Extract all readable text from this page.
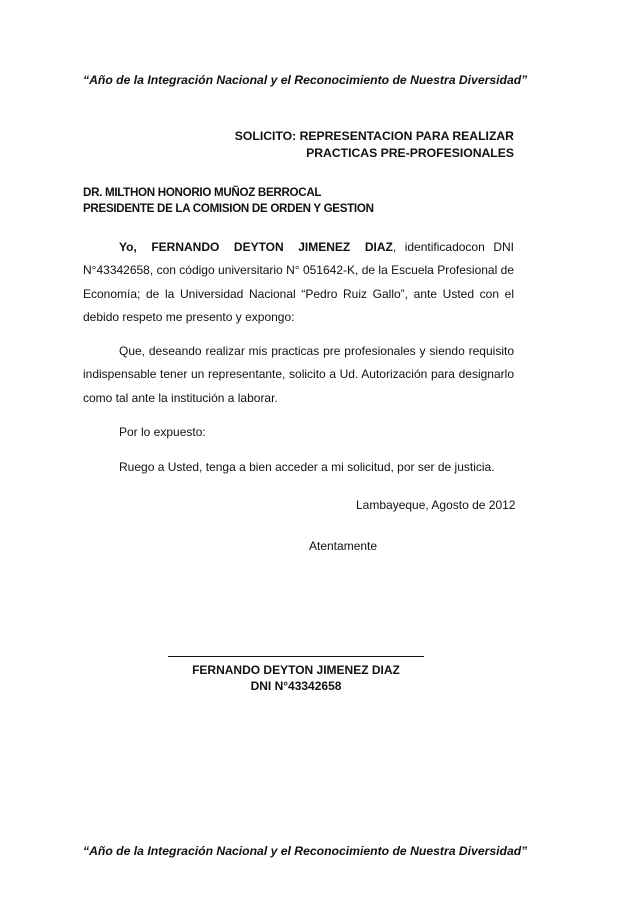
“Año de la Integración Nacional y el Reconocimiento de Nuestra Diversidad”
SOLICITO: REPRESENTACION PARA REALIZAR
PRACTICAS PRE-PROFESIONALES
DR. MILTHON HONORIO MUÑOZ BERROCAL
PRESIDENTE DE LA COMISION DE ORDEN Y GESTION

Yo, FERNANDO DEYTON JIMENEZ DIAZ, identificadocon DNI N°43342658, con código universitario N° 051642-K, de la Escuela Profesional de Economía; de la Universidad Nacional “Pedro Ruiz Gallo”, ante Usted con el debido respeto me presento y expongo:

Que, deseando realizar mis practicas pre profesionales y siendo requisito indispensable tener un representante, solicito a Ud. Autorización para designarlo como tal ante la institución a laborar.

Por lo expuesto:
Ruego a Usted, tenga a bien acceder a mi solicitud, por ser de justicia.
Lambayeque, Agosto de 2012
Atentamente
FERNANDO DEYTON JIMENEZ DIAZ
DNI N°43342658
“Año de la Integración Nacional y el Reconocimiento de Nuestra Diversidad”
